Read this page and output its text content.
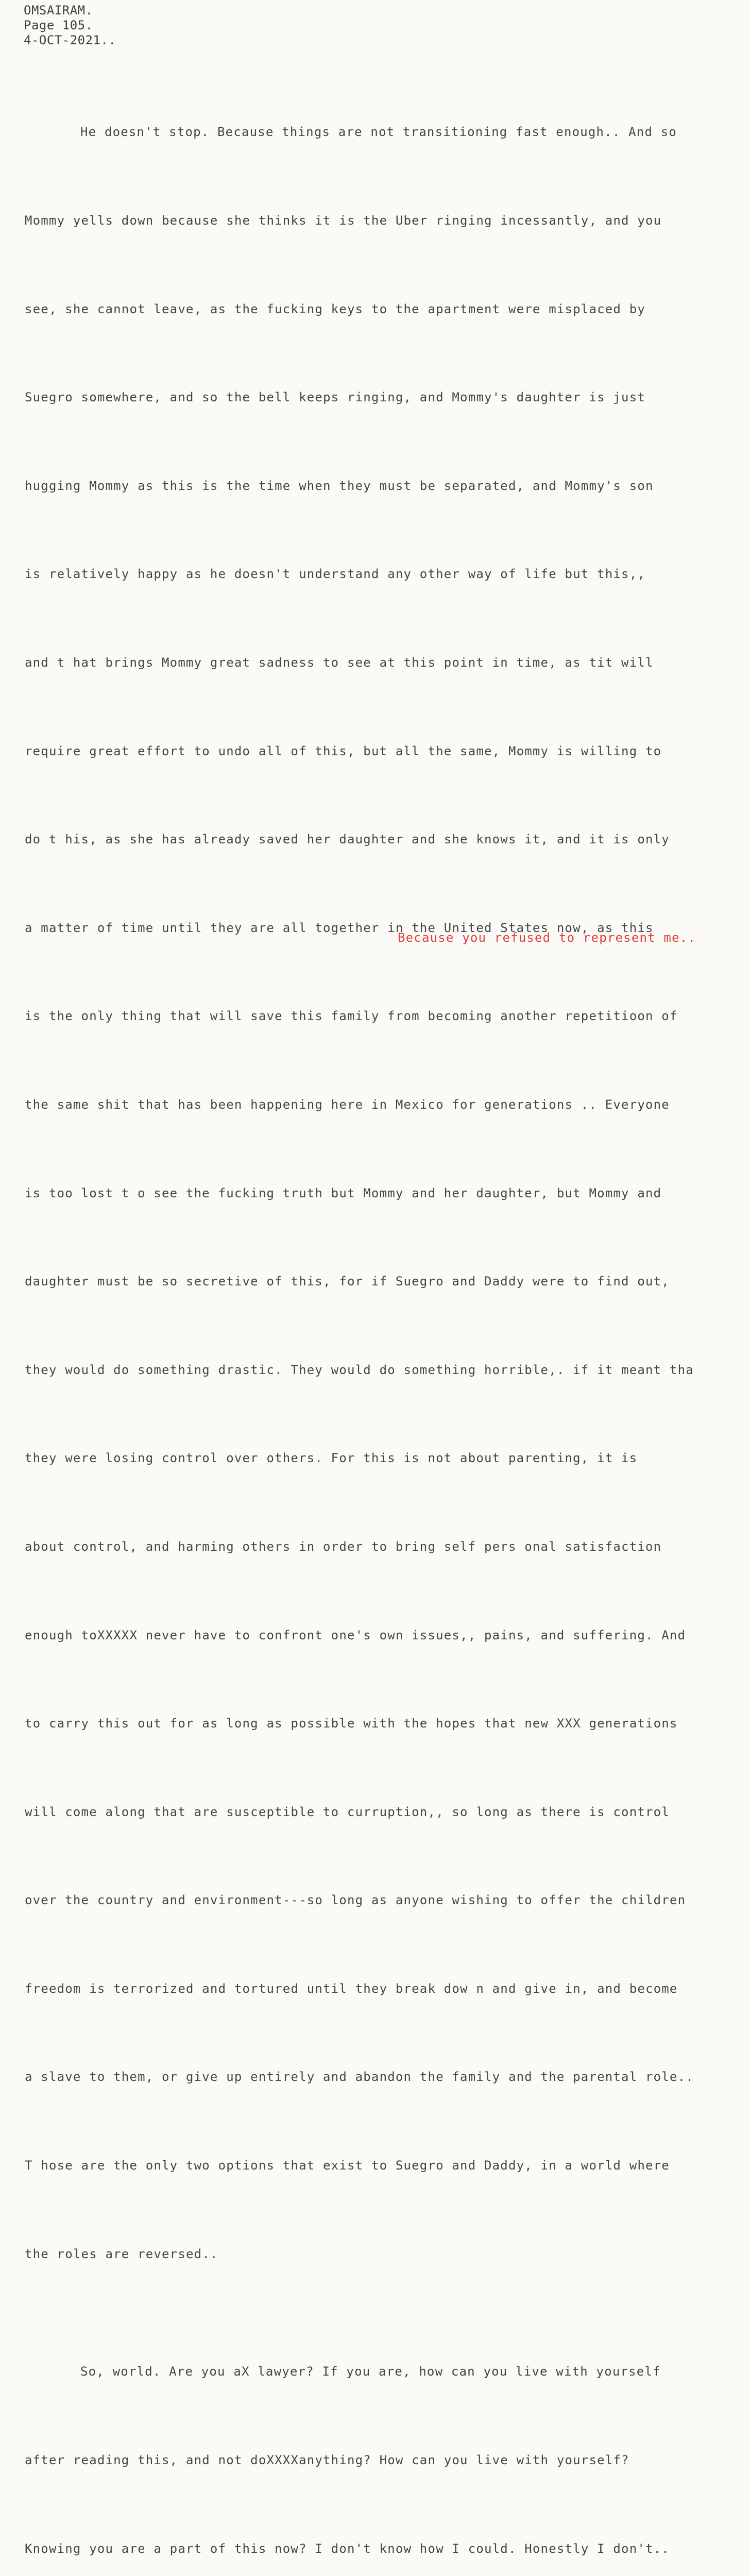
OMSAIRAM.
Page 105.
4-OCT-2021..

He doesn't stop. Because things are not transitioning fast enough.. And so

Mommy yells down because she thinks it is the Uber ringing incessantly, and you

see, she cannot leave, as the fucking keys to the apartment were misplaced by

Suegro somewhere, and so the bell keeps ringing, and Mommy's daughter is just

hugging Mommy as this is the time when they must be separated, and Mommy's son

is relatively happy as he doesn't understand any other way of life but this,,

and t hat brings Mommy great sadness to see at this point in time, as tit will

require great effort to undo all of this, but all the same, Mommy is willing to

do t his, as she has already saved her daughter and she knows it, and it is only

a matter of time until they are all together in the United States now, as this

is the only thing that will save this family from becoming another repetitioon of

the same shit that has been happening here in Mexico for generations .. Everyone

is too lost t o see the fucking truth but Mommy and her daughter, but Mommy and

daughter must be so secretive of this, for if Suegro and Daddy were to find out,

they would do something drastic. They would do something horrible,. if it meant tha

they were losing control over others. For this is not about parenting, it is

about control, and harming others in order to bring self pers onal satisfaction

enough toXXXXX never have to confront one's own issues,, pains, and suffering. And

to carry this out for as long as possible with the hopes that new XXX generations

will come along that are susceptible to curruption,, so long as there is control

over the country and environment---so long as anyone wishing to offer the children

freedom is terrorized and tortured until they break dow n and give in, and become

a slave to them, or give up entirely and abandon the family and the parental role..

T hose are the only two options that exist to Suegro and Daddy, in a world where

the roles are reversed..

So, world. Are you aX lawyer? If you are, how can you live with yourself

after reading this, and not doXXXXanything? How can you live with yourself?

Knowing you are a part of this now? I don't know how I could. Honestly I don't..

Because you refused to represent me..
